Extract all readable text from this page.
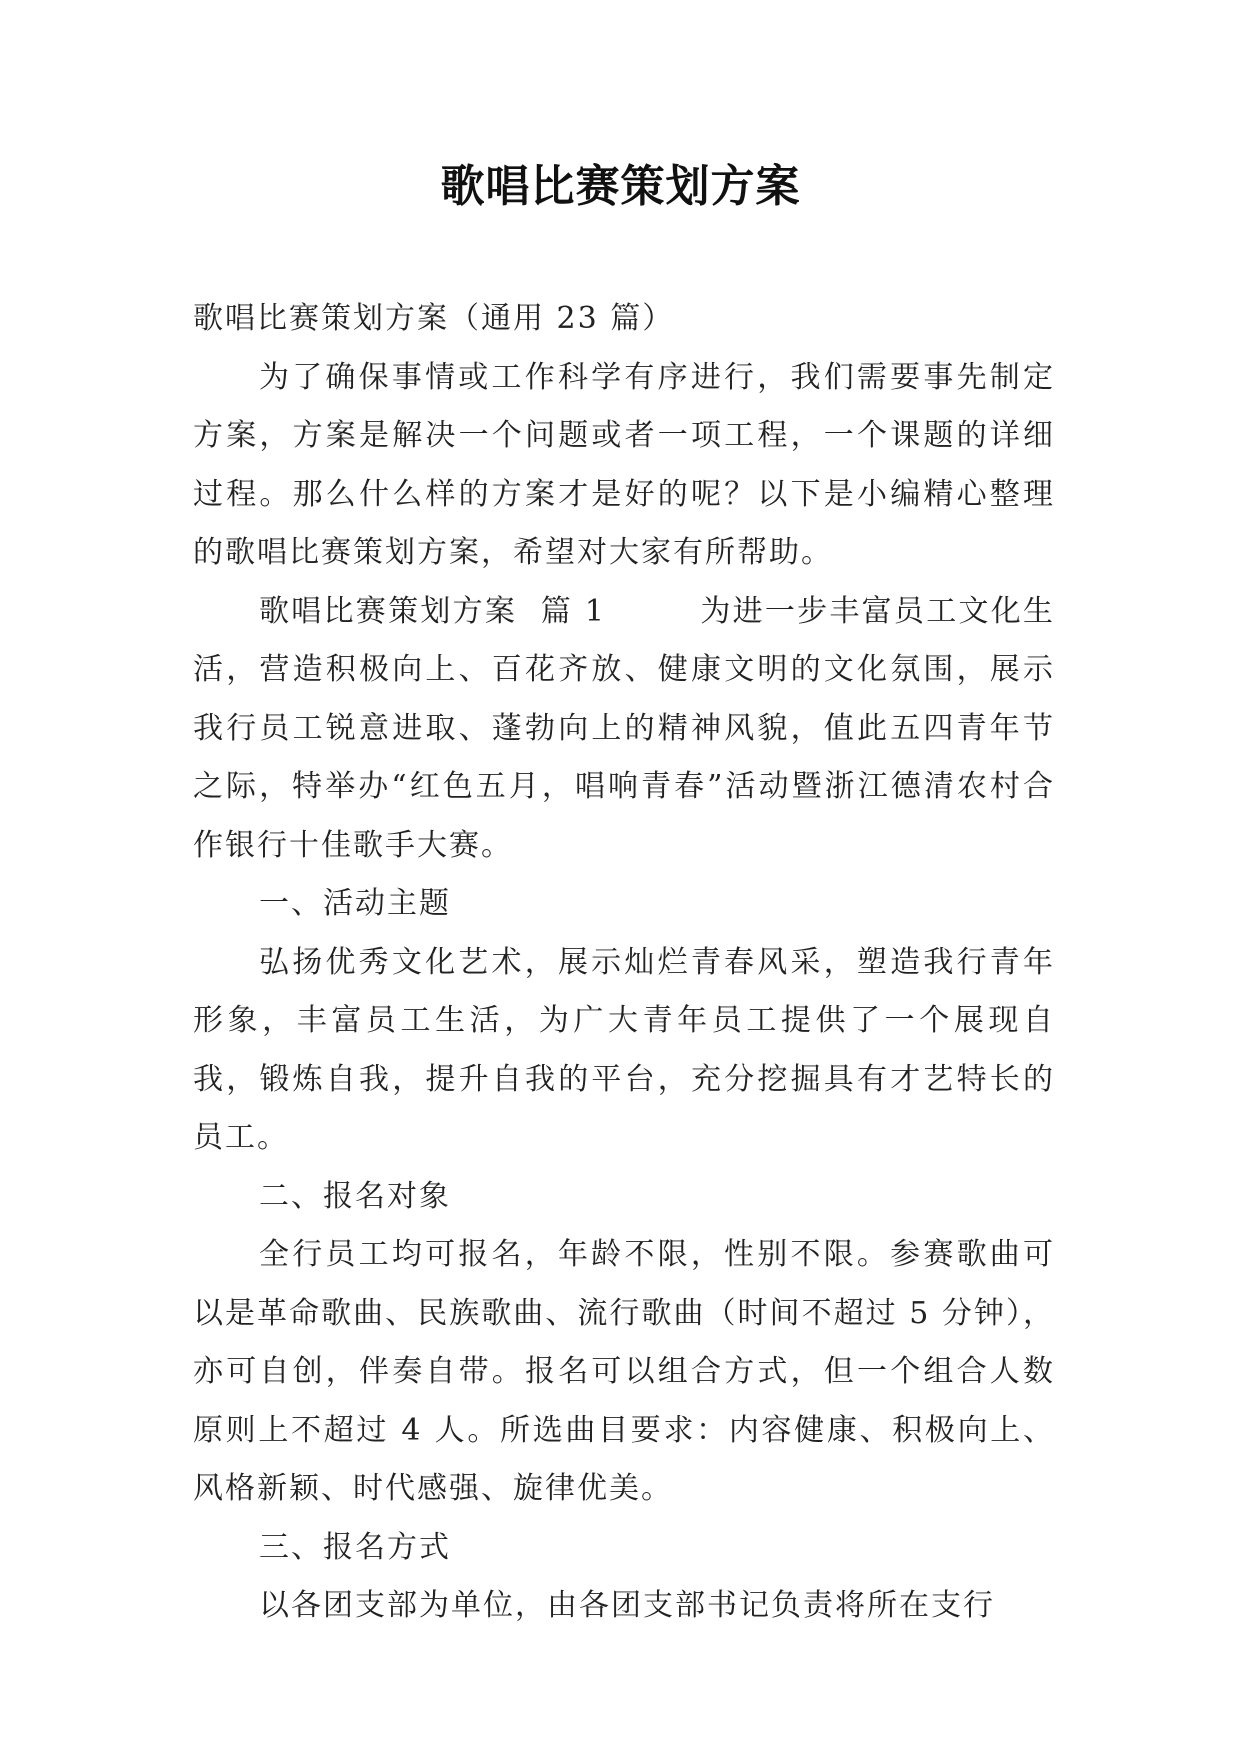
歌唱比赛策划方案

歌唱比赛策划方案（通用 23 篇）

为了确保事情或工作科学有序进行，我们需要事先制定方案，方案是解决一个问题或者一项工程，一个课题的详细过程。那么什么样的方案才是好的呢？以下是小编精心整理的歌唱比赛策划方案，希望对大家有所帮助。

歌唱比赛策划方案  篇 1        为进一步丰富员工文化生活，营造积极向上、百花齐放、健康文明的文化氛围，展示我行员工锐意进取、蓬勃向上的精神风貌，值此五四青年节之际，特举办“红色五月，唱响青春”活动暨浙江德清农村合作银行十佳歌手大赛。

一、活动主题

弘扬优秀文化艺术，展示灿烂青春风采，塑造我行青年形象，丰富员工生活，为广大青年员工提供了一个展现自我，锻炼自我，提升自我的平台，充分挖掘具有才艺特长的员工。

二、报名对象

全行员工均可报名，年龄不限，性别不限。参赛歌曲可以是革命歌曲、民族歌曲、流行歌曲（时间不超过 5 分钟），亦可自创，伴奏自带。报名可以组合方式，但一个组合人数原则上不超过 4 人。所选曲目要求：内容健康、积极向上、风格新颖、时代感强、旋律优美。

三、报名方式

以各团支部为单位，由各团支部书记负责将所在支行
